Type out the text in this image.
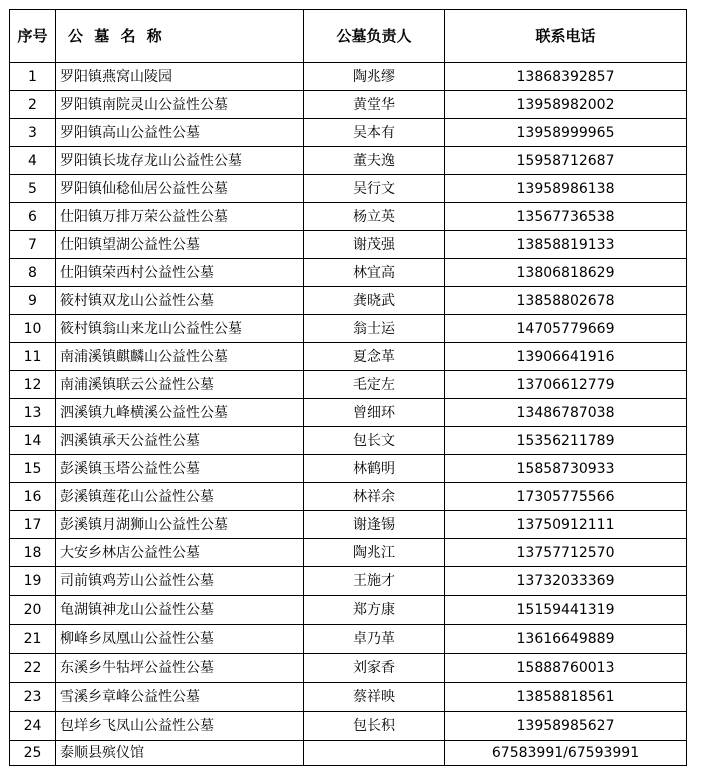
序号	公 墓 名 称	公墓负责人	联系电话
1	罗阳镇燕窝山陵园	陶兆缪	13868392857
2	罗阳镇南院灵山公益性公墓	黄堂华	13958982002
3	罗阳镇高山公益性公墓	吴本有	13958999965
4	罗阳镇长垅存龙山公益性公墓	董夫逸	15958712687
5	罗阳镇仙稔仙居公益性公墓	吴行文	13958986138
6	仕阳镇万排万荣公益性公墓	杨立英	13567736538
7	仕阳镇望湖公益性公墓	谢茂强	13858819133
8	仕阳镇荣西村公益性公墓	林宜高	13806818629
9	筱村镇双龙山公益性公墓	龚晓武	13858802678
10	筱村镇翁山来龙山公益性公墓	翁士运	14705779669
11	南浦溪镇麒麟山公益性公墓	夏念革	13906641916
12	南浦溪镇联云公益性公墓	毛定左	13706612779
13	泗溪镇九峰横溪公益性公墓	曾细环	13486787038
14	泗溪镇承天公益性公墓	包长文	15356211789
15	彭溪镇玉塔公益性公墓	林鹤明	15858730933
16	彭溪镇莲花山公益性公墓	林祥余	17305775566
17	彭溪镇月湖狮山公益性公墓	谢逢锡	13750912111
18	大安乡林店公益性公墓	陶兆江	13757712570
19	司前镇鸡芳山公益性公墓	王施才	13732033369
20	龟湖镇神龙山公益性公墓	郑方康	15159441319
21	柳峰乡凤凰山公益性公墓	卓乃革	13616649889
22	东溪乡牛牯坪公益性公墓	刘家香	15888760013
23	雪溪乡章峰公益性公墓	蔡祥映	13858818561
24	包垟乡飞凤山公益性公墓	包长积	13958985627
25	泰顺县殡仪馆		67583991/67593991
